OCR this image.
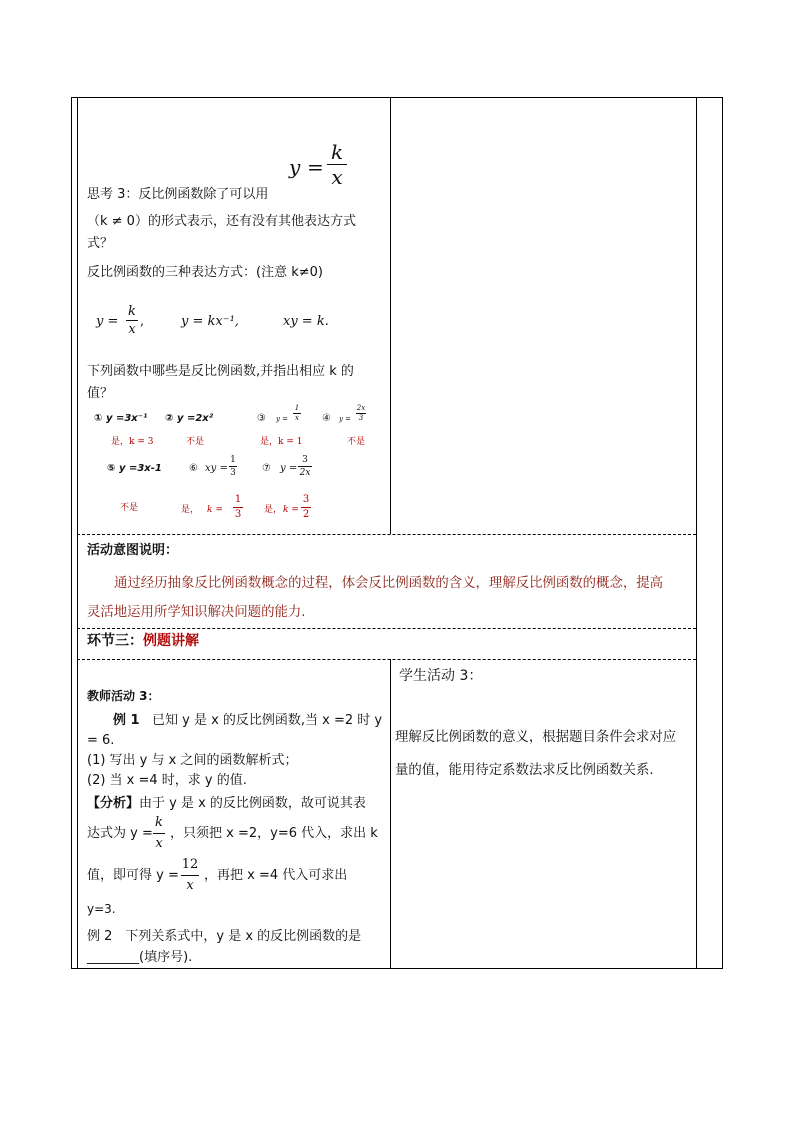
y =
k
x
思考 3：反比例函数除了可以用
（k ≠ 0）的形式表示，还有没有其他表达方式
式？
反比例函数的三种表达方式：(注意 k≠0)
y =
k
x
,	y = kx⁻¹,	xy = k.
下列函数中哪些是反比例函数,并指出相应 k 的
值？
① y =3x⁻¹ ② y =2x²	③ y =
1
x ④ y =
2x
3
是，k = 3	不是	是，k = 1	不是
⑤ y =3x-1	⑥ xy =
1
3	⑦ y =
3
2x
不是	是， k =
1
3	是， k =
3
2
活动意图说明：
通过经历抽象反比例函数概念的过程，体会反比例函数的含义，理解反比例函数的概念，提高
灵活地运用所学知识解决问题的能力.
环节三：例题讲解
教师活动 3：
例 1 已知 y 是 x 的反比例函数,当 x =2 时 y
= 6.
(1) 写出 y 与 x 之间的函数解析式；
(2) 当 x =4 时，求 y 的值.
【分析】由于 y 是 x 的反比例函数，故可说其表
达式为 y =
k
x
，只须把 x =2，y=6 代入，求出 k
值，即可得 y =
12
x
，再把 x =4 代入可求出
y=3.
例 2　下列关系式中，y 是 x 的反比例函数的是
________(填序号).
学生活动 3：
理解反比例函数的意义，根据题目条件会求对应
量的值，能用待定系数法求反比例函数关系.
